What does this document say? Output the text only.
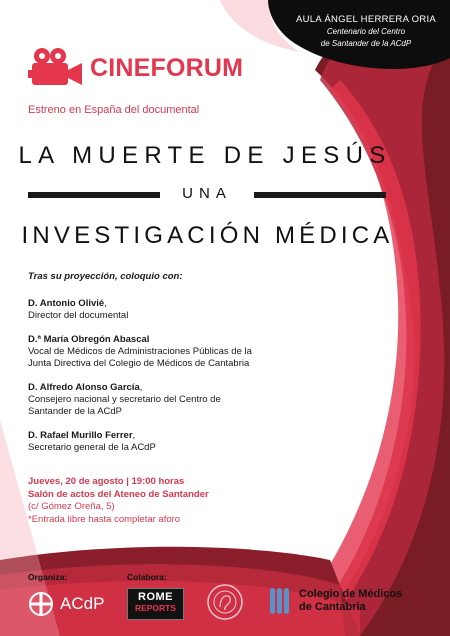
AULA ÁNGEL HERRERA ORIA
Centenario del Centro
de Santander de la ACdP
CINEFORUM
Estreno en España del documental
LA MUERTE DE JESÚS
UNA
INVESTIGACIÓN MÉDICA
Tras su proyección, coloquio con:
D. Antonio Olivié,
Director del documental
D.ª María Obregón Abascal
Vocal de Médicos de Administraciones Públicas de la
Junta Directiva del Colegio de Médicos de Cantabria
D. Alfredo Alonso García,
Consejero nacional y secretario del Centro de
Santander de la ACdP
D. Rafael Murillo Ferrer,
Secretario general de la ACdP
Jueves, 20 de agosto | 19:00 horas
Salón de actos del Ateneo de Santander
(c/ Gómez Oreña, 5)
*Entrada libre hasta completar aforo
Organiza:	Colabora:
ACdP	ROME
REPORTS
Colegio de Médicos
de Cantabria
